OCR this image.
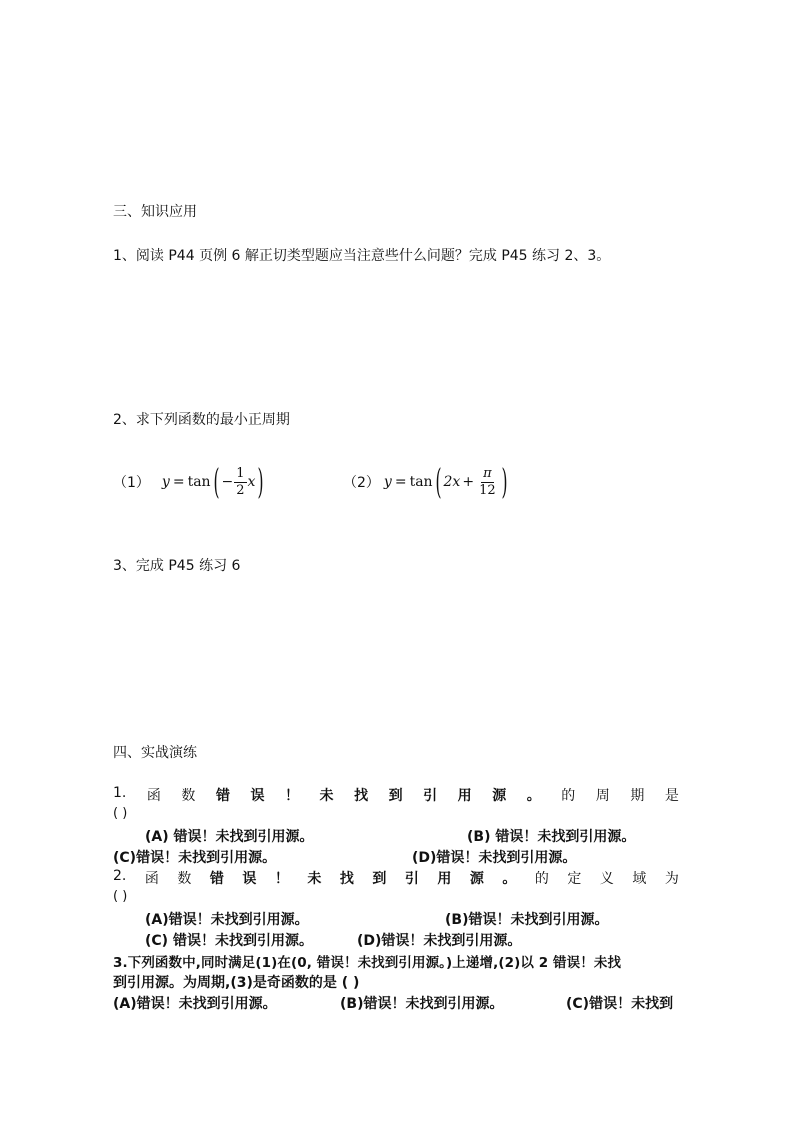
三、知识应用
1、阅读 P44 页例 6 解正切类型题应当注意些什么问题？完成 P45 练习 2、3。
2、求下列函数的最小正周期
（1） y = tan ( − $\frac{1}{2}$ x )	（2） y = tan ( $2x + \frac{\pi}{12}$ )
3、完成 P45 练习 6
四、实战演练
1. 函 数 错 误 ！ 未 找 到 引 用 源 。 的 周 期 是
( )
(A) 错误！未找到引用源。	(B) 错误！未找到引用源。
(C)错误！未找到引用源。	(D)错误！未找到引用源。
2. 函 数 错 误 ！ 未 找 到 引 用 源 。 的 定 义 域 为
( )
(A)错误！未找到引用源。	(B)错误！未找到引用源。
(C) 错误！未找到引用源。	(D)错误！未找到引用源。
3.下列函数中,同时满足(1)在(0, 错误！未找到引用源。)上递增,(2)以 2 错误！未找
到引用源。为周期,(3)是奇函数的是 ( )
(A)错误！未找到引用源。	(B)错误！未找到引用源。	(C)错误！未找到
